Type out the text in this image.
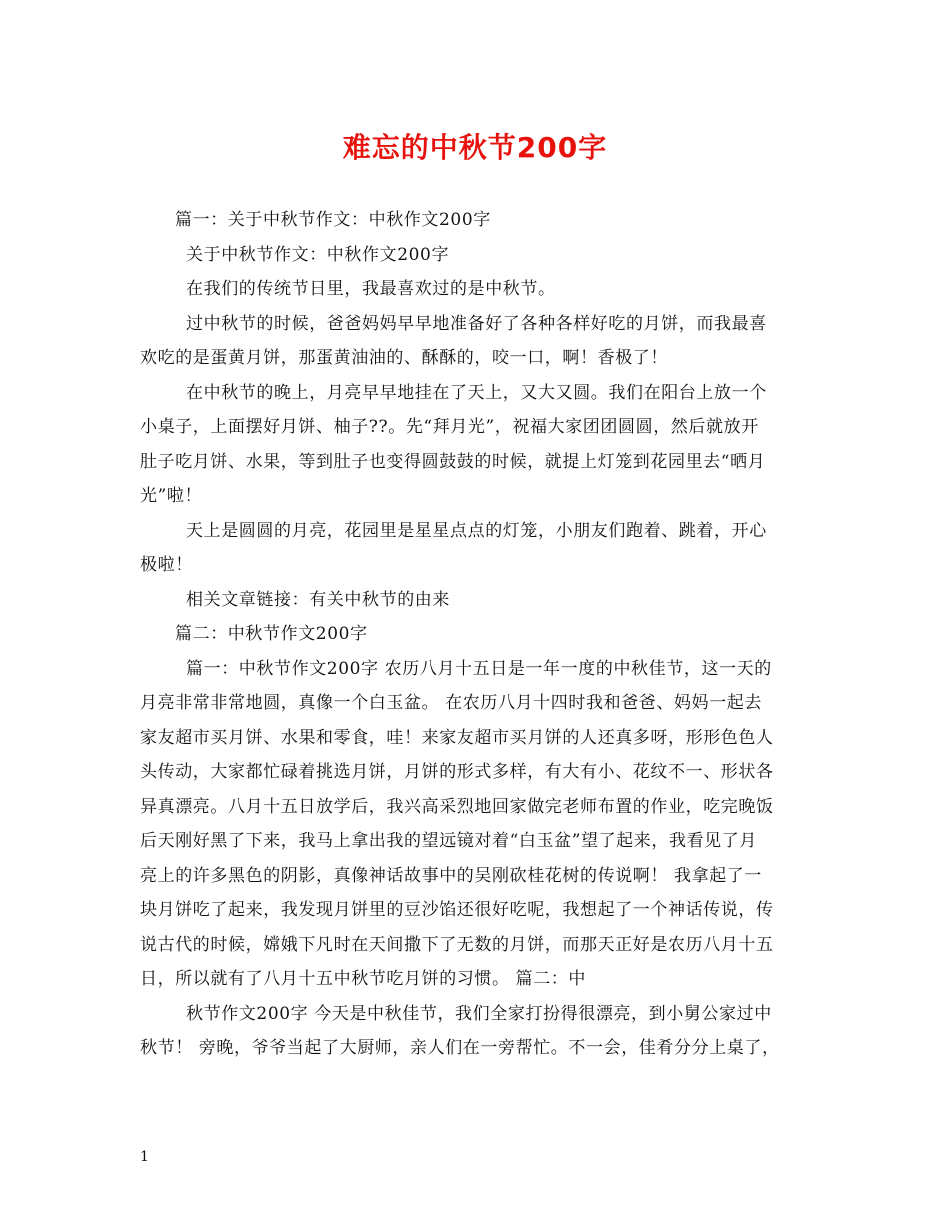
难忘的中秋节200字
篇一：关于中秋节作文：中秋作文200字
关于中秋节作文：中秋作文200字
在我们的传统节日里，我最喜欢过的是中秋节。
过中秋节的时候，爸爸妈妈早早地准备好了各种各样好吃的月饼，而我最喜
欢吃的是蛋黄月饼，那蛋黄油油的、酥酥的，咬一口，啊！香极了！
在中秋节的晚上，月亮早早地挂在了天上，又大又圆。我们在阳台上放一个
小桌子，上面摆好月饼、柚子??。先“拜月光”，祝福大家团团圆圆，然后就放开
肚子吃月饼、水果，等到肚子也变得圆鼓鼓的时候，就提上灯笼到花园里去“晒月
光”啦！
天上是圆圆的月亮，花园里是星星点点的灯笼，小朋友们跑着、跳着，开心
极啦！
相关文章链接：有关中秋节的由来
篇二：中秋节作文200字
篇一：中秋节作文200字 农历八月十五日是一年一度的中秋佳节，这一天的
月亮非常非常地圆，真像一个白玉盆。 在农历八月十四时我和爸爸、妈妈一起去
家友超市买月饼、水果和零食，哇！来家友超市买月饼的人还真多呀，形形色色人
头传动，大家都忙碌着挑选月饼，月饼的形式多样，有大有小、花纹不一、形状各
异真漂亮。八月十五日放学后，我兴高采烈地回家做完老师布置的作业，吃完晚饭
后天刚好黑了下来，我马上拿出我的望远镜对着“白玉盆”望了起来，我看见了月
亮上的许多黑色的阴影，真像神话故事中的吴刚砍桂花树的传说啊！ 我拿起了一
块月饼吃了起来，我发现月饼里的豆沙馅还很好吃呢，我想起了一个神话传说，传
说古代的时候，嫦娥下凡时在天间撒下了无数的月饼，而那天正好是农历八月十五
日，所以就有了八月十五中秋节吃月饼的习惯。 篇二：中
秋节作文200字 今天是中秋佳节，我们全家打扮得很漂亮，到小舅公家过中
秋节！ 旁晚，爷爷当起了大厨师，亲人们在一旁帮忙。不一会，佳肴分分上桌了，
1
